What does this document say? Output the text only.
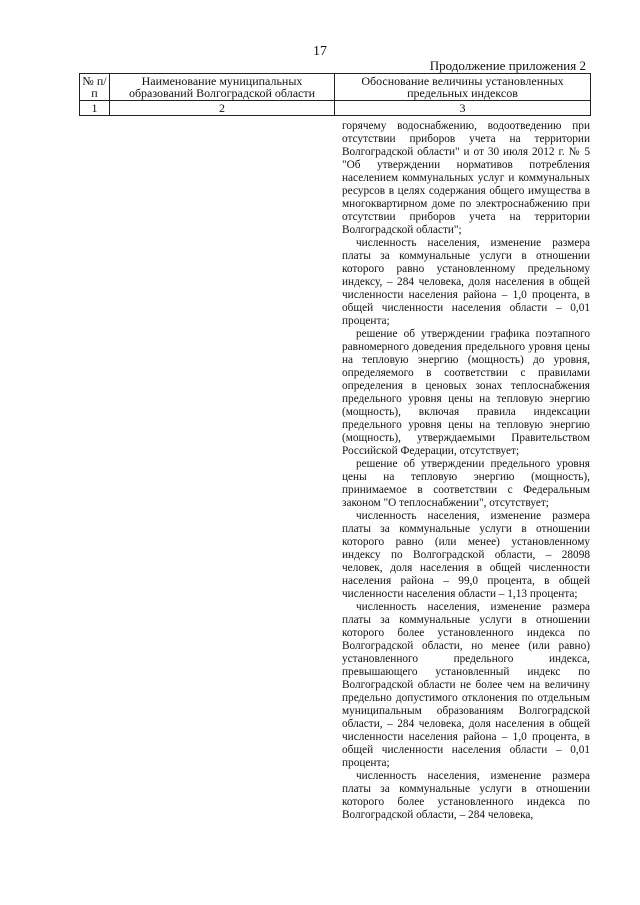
17
Продолжение приложения 2
№ п/п	Наименование муниципальных образований Волгоградской области	Обоснование величины установленных предельных индексов
1	2	3

горячему водоснабжению, водоотведению при отсутствии приборов учета на территории Волгоградской области" и от 30 июля 2012 г. № 5 "Об утверждении нормативов потребления населением коммунальных услуг и коммунальных ресурсов в целях содержания общего имущества в многоквартирном доме по электроснабжению при отсутствии приборов учета на территории Волгоградской области";

численность населения, изменение размера платы за коммунальные услуги в отношении которого равно установленному предельному индексу, – 284 человека, доля населения в общей численности населения района – 1,0 процента, в общей численности населения области – 0,01 процента;

решение об утверждении графика поэтапного равномерного доведения предельного уровня цены на тепловую энергию (мощность) до уровня, определяемого в соответствии с правилами определения в ценовых зонах теплоснабжения предельного уровня цены на тепловую энергию (мощность), включая правила индексации предельного уровня цены на тепловую энергию (мощность), утверждаемыми Правительством Российской Федерации, отсутствует;

решение об утверждении предельного уровня цены на тепловую энергию (мощность), принимаемое в соответствии с Федеральным законом "О теплоснабжении", отсутствует;

численность населения, изменение размера платы за коммунальные услуги в отношении которого равно (или менее) установленному индексу по Волгоградской области, – 28098 человек, доля населения в общей численности населения района – 99,0 процента, в общей численности населения области – 1,13 процента;

численность населения, изменение размера платы за коммунальные услуги в отношении которого более установленного индекса по Волгоградской области, но менее (или равно) установленного предельного индекса, превышающего установленный индекс по Волгоградской области не более чем на величину предельно допустимого отклонения по отдельным муниципальным образованиям Волгоградской области, – 284 человека, доля населения в общей численности населения района – 1,0 процента, в общей численности населения области – 0,01 процента;

численность населения, изменение размера платы за коммунальные услуги в отношении которого более установленного индекса по Волгоградской области, – 284 человека,
